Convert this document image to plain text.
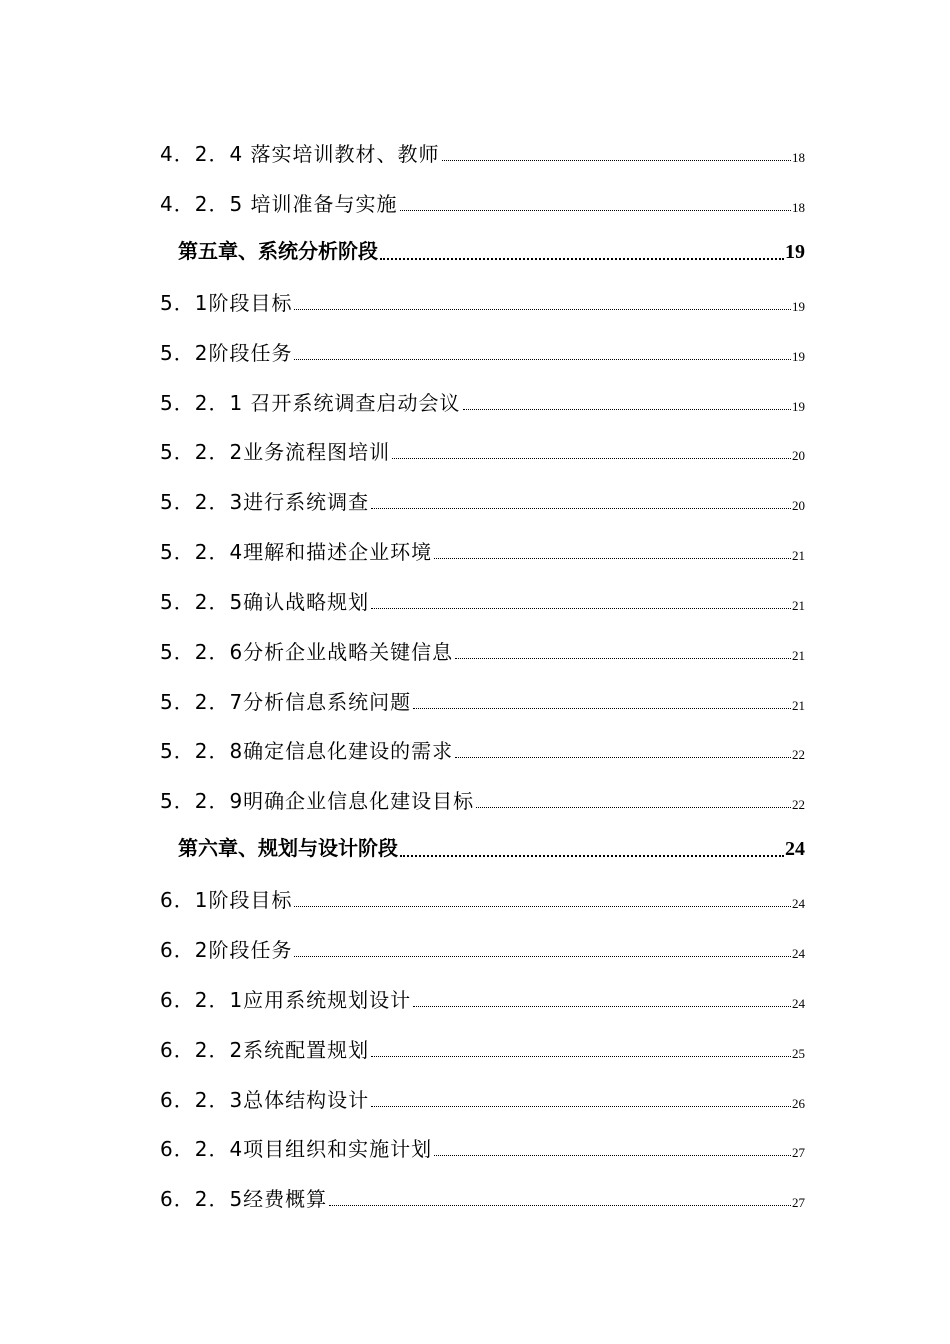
4．2．4 落实培训教材、教师	18
4．2．5 培训准备与实施	18
第五章、系统分析阶段	19
5．1阶段目标	19
5．2阶段任务	19
5．2．1 召开系统调查启动会议	19
5．2．2业务流程图培训	20
5．2．3进行系统调查	20
5．2．4理解和描述企业环境	21
5．2．5确认战略规划	21
5．2．6分析企业战略关键信息	21
5．2．7分析信息系统问题	21
5．2．8确定信息化建设的需求	22
5．2．9明确企业信息化建设目标	22
第六章、规划与设计阶段	24
6．1阶段目标	24
6．2阶段任务	24
6．2．1应用系统规划设计	24
6．2．2系统配置规划	25
6．2．3总体结构设计	26
6．2．4项目组织和实施计划	27
6．2．5经费概算	27
